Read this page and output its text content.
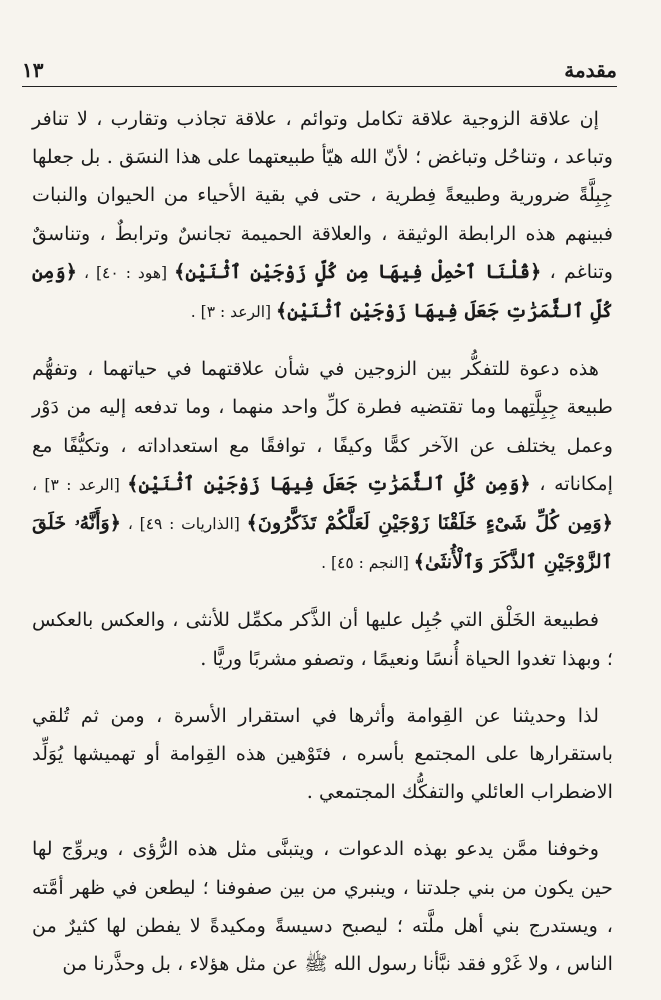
مقدمة
١٣

إن علاقة الزوجية علاقة تكامل وتوائم ، علاقة تجاذب وتقارب ، لا تنافر وتباعد ، وتناحُل وتباغض ؛ لأنّ الله هيّأ طبيعتهما على هذا النسَق . بل جعلها جِبِلَّةً ضرورية وطبيعةً فِطرية ، حتى في بقية الأحياء من الحيوان والنبات فبينهم هذه الرابطة الوثيقة ، والعلاقة الحميمة تجانسٌ وترابطٌ ، وتناسقٌ وتناغم ، ﴿قُلْنَا ٱحْمِلْ فِيهَا مِن كُلٍّ زَوْجَيْنِ ٱثْنَيْنِ﴾ [هود : ٤٠] ، ﴿وَمِن كُلِّ ٱلثَّمَرَٰتِ جَعَلَ فِيهَا زَوْجَيْنِ ٱثْنَيْنِ﴾ [الرعد : ٣] .

هذه دعوة للتفكُّر بين الزوجين في شأن علاقتهما في حياتهما ، وتفهُّم طبيعة جِبِلَّتِهما وما تقتضيه فطرة كلِّ واحد منهما ، وما تدفعه إليه من دَوْر وعمل يختلف عن الآخر كمًّا وكيفًا ، توافقًا مع استعداداته ، وتكيُّفًا مع إمكاناته ، ﴿وَمِن كُلِّ ٱلثَّمَرَٰتِ جَعَلَ فِيهَا زَوْجَيْنِ ٱثْنَيْنِ﴾ [الرعد : ٣] ، ﴿وَمِن كُلِّ شَىْءٍ خَلَقْنَا زَوْجَيْنِ لَعَلَّكُمْ تَذَكَّرُونَ﴾ [الذاريات : ٤٩] ، ﴿وَأَنَّهُۥ خَلَقَ ٱلزَّوْجَيْنِ ٱلذَّكَرَ وَٱلْأُنثَىٰ﴾ [النجم : ٤٥] .

فطبيعة الخَلْق التي جُبِل عليها أن الذَّكر مكمِّل للأنثى ، والعكس بالعكس ؛ وبهذا تغدوا الحياة أُنسًا ونعيمًا ، وتصفو مشربًا وريًّا .

لذا وحديثنا عن القِوامة وأثرها في استقرار الأسرة ، ومن ثم تُلقي باستقرارها على المجتمع بأسره ، فتَوْهين هذه القِوامة أو تهميشها يُوَلِّد الاضطراب العائلي والتفكُّك المجتمعي .

وخوفنا ممَّن يدعو بهذه الدعوات ، ويتبنَّى مثل هذه الرُّؤى ، ويروِّج لها حين يكون من بني جلدتنا ، وينبري من بين صفوفنا ؛ ليطعن في ظهر أمَّته ، ويستدرج بني أهل ملَّته ؛ ليصبح دسيسةً ومكيدةً لا يفطن لها كثيرٌ من الناس ، ولا غَرْو فقد نبَّأنا رسول الله ﷺ عن مثل هؤلاء ، بل وحذَّرنا من
